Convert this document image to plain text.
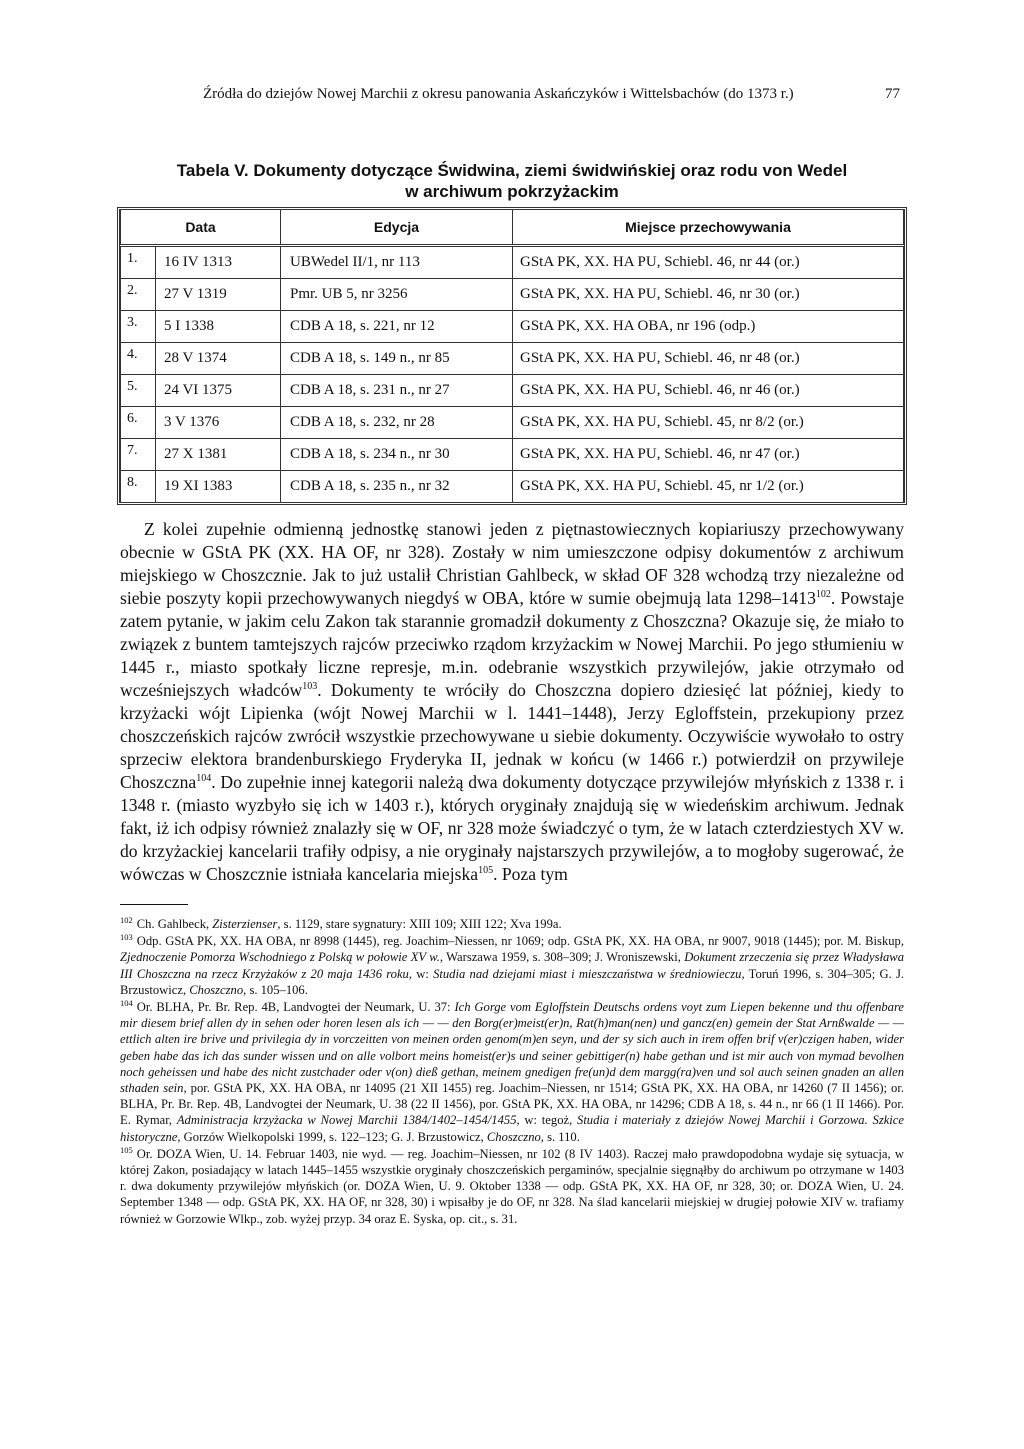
Źródła do dziejów Nowej Marchii z okresu panowania Askańczyków i Wittelsbachów (do 1373 r.)	77
Tabela V. Dokumenty dotyczące Świdwina, ziemi świdwińskiej oraz rodu von Wedel
w archiwum pokrzyżackim
Data		Edycja	Miejsce przechowywania

1.	16 IV 1313	UBWedel II/1, nr 113	GStA PK, XX. HA PU, Schiebl. 46, nr 44 (or.)

2.	27 V 1319	Pmr. UB 5, nr 3256	GStA PK, XX. HA PU, Schiebl. 46, nr 30 (or.)

3.	5 I 1338	CDB A 18, s. 221, nr 12	GStA PK, XX. HA OBA, nr 196 (odp.)

4.	28 V 1374	CDB A 18, s. 149 n., nr 85	GStA PK, XX. HA PU, Schiebl. 46, nr 48 (or.)

5.	24 VI 1375	CDB A 18, s. 231 n., nr 27	GStA PK, XX. HA PU, Schiebl. 46, nr 46 (or.)

6.	3 V 1376	CDB A 18, s. 232, nr 28	GStA PK, XX. HA PU, Schiebl. 45, nr 8/2 (or.)

7.	27 X 1381	CDB A 18, s. 234 n., nr 30	GStA PK, XX. HA PU, Schiebl. 46, nr 47 (or.)

8.	19 XI 1383	CDB A 18, s. 235 n., nr 32	GStA PK, XX. HA PU, Schiebl. 45, nr 1/2 (or.)

Z kolei zupełnie odmienną jednostkę stanowi jeden z piętnastowiecznych kopiariuszy przechowywany obecnie w GStA PK (XX. HA OF, nr 328). Zostały w nim umieszczone odpisy dokumentów z archiwum miejskiego w Choszcznie. Jak to już ustalił Christian Gahlbeck, w skład OF 328 wchodzą trzy niezależne od siebie poszyty kopii przechowywanych niegdyś w OBA, które w sumie obejmują lata 1298–1413$^{102}$. Powstaje zatem pytanie, w jakim celu Zakon tak starannie gromadził dokumenty z Choszczna? Okazuje się, że miało to związek z buntem tamtejszych rajców przeciwko rządom krzyżackim w Nowej Marchii. Po jego stłumieniu w 1445 r., miasto spotkały liczne represje, m.in. odebranie wszystkich przywilejów, jakie otrzymało od wcześniejszych władców$^{103}$. Dokumenty te wróciły do Choszczna dopiero dziesięć lat później, kiedy to krzyżacki wójt Lipienka (wójt Nowej Marchii w l. 1441–1448), Jerzy Egloffstein, przekupiony przez choszczeńskich rajców zwrócił wszystkie przechowywane u siebie dokumenty. Oczywiście wywołało to ostry sprzeciw elektora brandenburskiego Fryderyka II, jednak w końcu (w 1466 r.) potwierdził on przywileje Choszczna$^{104}$. Do zupełnie innej kategorii należą dwa dokumenty dotyczące przywilejów młyńskich z 1338 r. i 1348 r. (miasto wyzbyło się ich w 1403 r.), których oryginały znajdują się w wiedeńskim archiwum. Jednak fakt, iż ich odpisy również znalazły się w OF, nr 328 może świadczyć o tym, że w latach czterdziestych XV w. do krzyżackiej kancelarii trafiły odpisy, a nie oryginały najstarszych przywilejów, a to mogłoby sugerować, że wówczas w Choszcznie istniała kancelaria miejska$^{105}$. Poza tym

$^{102}$ Ch. Gahlbeck, Zisterzienser, s. 1129, stare sygnatury: XIII 109; XIII 122; Xva 199a.

$^{103}$ Odp. GStA PK, XX. HA OBA, nr 8998 (1445), reg. Joachim–Niessen, nr 1069; odp. GStA PK, XX. HA OBA, nr 9007, 9018 (1445); por. M. Biskup, Zjednoczenie Pomorza Wschodniego z Polską w połowie XV w., Warszawa 1959, s. 308–309; J. Wroniszewski, Dokument zrzeczenia się przez Władysława III Choszczna na rzecz Krzyżaków z 20 maja 1436 roku, w: Studia nad dziejami miast i mieszczaństwa w średniowieczu, Toruń 1996, s. 304–305; G. J. Brzustowicz, Choszczno, s. 105–106.

$^{104}$ Or. BLHA, Pr. Br. Rep. 4B, Landvogtei der Neumark, U. 37: Ich Gorge vom Egloffstein Deutschs ordens voyt zum Liepen bekenne und thu offenbare mir diesem brief allen dy in sehen oder horen lesen als ich — — den Borg(er)meist(er)n, Rat(h)man(nen) und gancz(en) gemein der Stat Arnßwalde — — ettlich alten ire brive und privilegia dy in vorczeitten von meinen orden genom(m)en seyn, und der sy sich auch in irem offen brif v(er)czigen haben, wider geben habe das ich das sunder wissen und on alle volbort meins homeist(er)s und seiner gebittiger(n) habe gethan und ist mir auch von mymad bevolhen noch geheissen und habe des nicht zustchader oder v(on) dieß gethan, meinem gnedigen fre(un)d dem margg(ra)ven und sol auch seinen gnaden an allen sthaden sein, por. GStA PK, XX. HA OBA, nr 14095 (21 XII 1455) reg. Joachim–Niessen, nr 1514; GStA PK, XX. HA OBA, nr 14260 (7 II 1456); or. BLHA, Pr. Br. Rep. 4B, Landvogtei der Neumark, U. 38 (22 II 1456), por. GStA PK, XX. HA OBA, nr 14296; CDB A 18, s. 44 n., nr 66 (1 II 1466). Por. E. Rymar, Administracja krzyżacka w Nowej Marchii 1384/1402–1454/1455, w: tegoż, Studia i materiały z dziejów Nowej Marchii i Gorzowa. Szkice historyczne, Gorzów Wielkopolski 1999, s. 122–123; G. J. Brzustowicz, Choszczno, s. 110.

$^{105}$ Or. DOZA Wien, U. 14. Februar 1403, nie wyd. — reg. Joachim–Niessen, nr 102 (8 IV 1403). Raczej mało prawdopodobna wydaje się sytuacja, w której Zakon, posiadający w latach 1445–1455 wszystkie oryginały choszczeńskich pergaminów, specjalnie sięgnąłby do archiwum po otrzymane w 1403 r. dwa dokumenty przywilejów młyńskich (or. DOZA Wien, U. 9. Oktober 1338 — odp. GStA PK, XX. HA OF, nr 328, 30; or. DOZA Wien, U. 24. September 1348 — odp. GStA PK, XX. HA OF, nr 328, 30) i wpisałby je do OF, nr 328. Na ślad kancelarii miejskiej w drugiej połowie XIV w. trafiamy również w Gorzowie Wlkp., zob. wyżej przyp. 34 oraz E. Syska, op. cit., s. 31.
